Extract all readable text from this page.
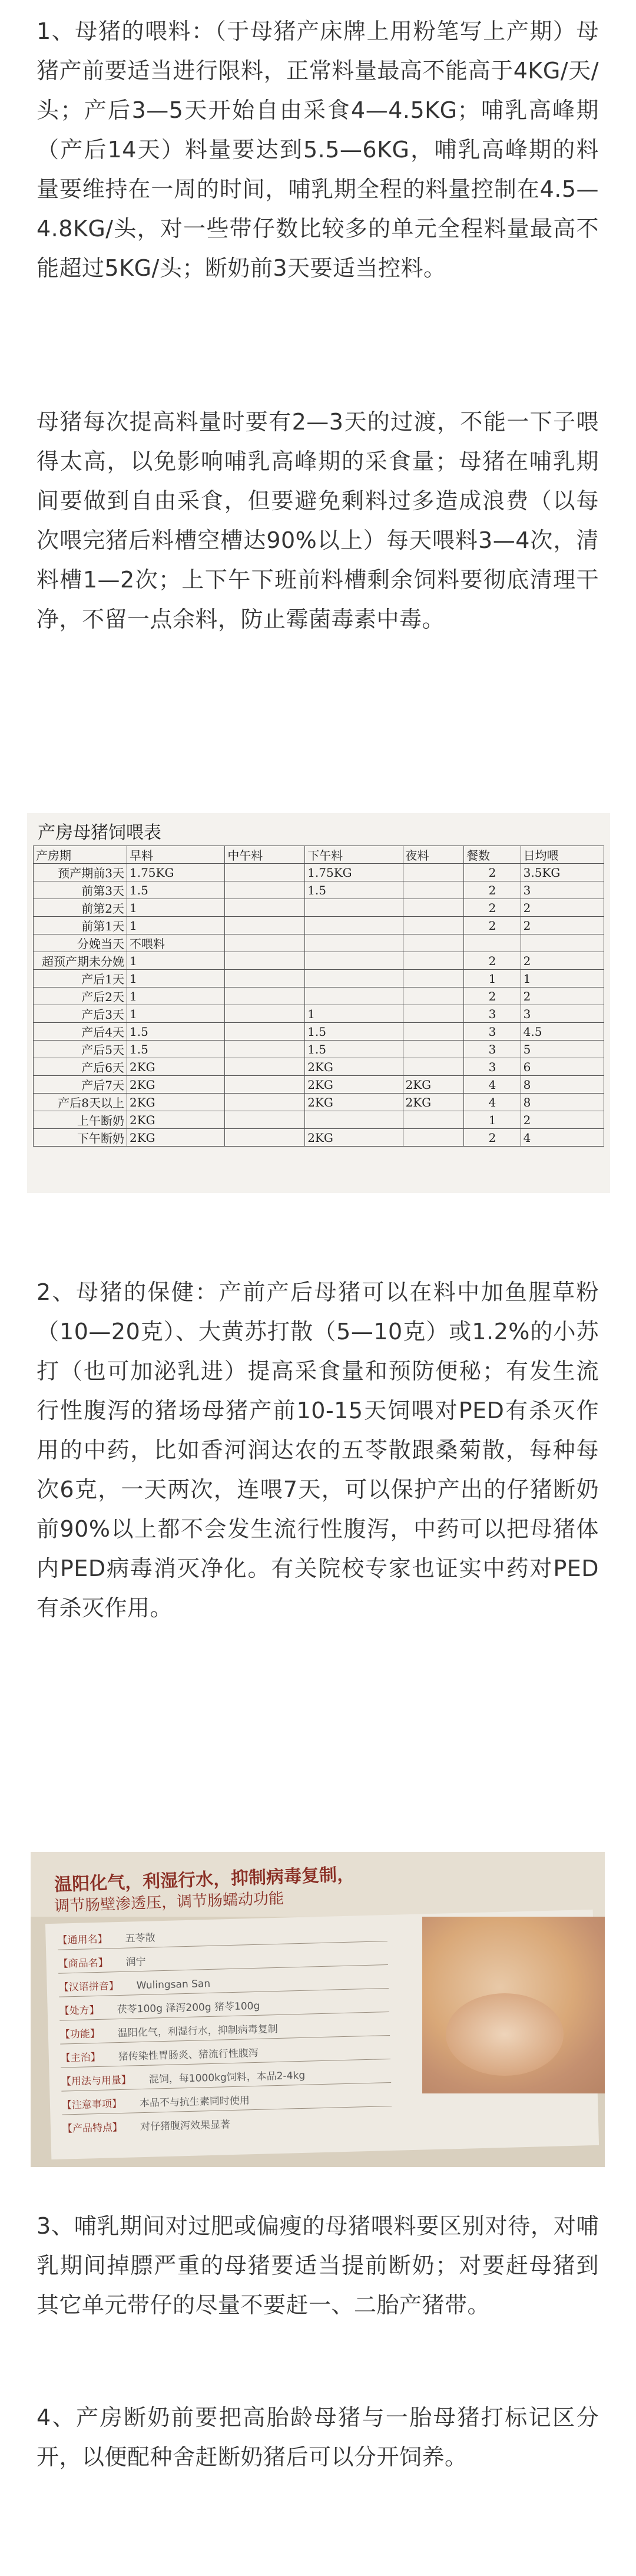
1、母猪的喂料：（于母猪产床牌上用粉笔写上产期）母猪产前要适当进行限料，正常料量最高不能高于4KG/天/头；产后3—5天开始自由采食4—4.5KG；哺乳高峰期（产后14天）料量要达到5.5—6KG，哺乳高峰期的料量要维持在一周的时间，哺乳期全程的料量控制在4.5—4.8KG/头，对一些带仔数比较多的单元全程料量最高不能超过5KG/头；断奶前3天要适当控料。

母猪每次提高料量时要有2—3天的过渡，不能一下子喂得太高，以免影响哺乳高峰期的采食量；母猪在哺乳期间要做到自由采食，但要避免剩料过多造成浪费（以每次喂完猪后料槽空槽达90%以上）每天喂料3—4次，清料槽1—2次；上下午下班前料槽剩余饲料要彻底清理干净，不留一点余料，防止霉菌毒素中毒。

产房母猪饲喂表
产房期	早料	中午料	下午料	夜料	餐数	日均喂
预产期前3天	1.75KG		1.75KG		2	3.5KG
前第3天	1.5		1.5		2	3
前第2天	1				2	2
前第1天	1				2	2
分娩当天	不喂料					
超预产期未分娩	1				2	2
产后1天	1				1	1
产后2天	1				2	2
产后3天	1		1		3	3
产后4天	1.5		1.5		3	4.5
产后5天	1.5		1.5		3	5
产后6天	2KG		2KG		3	6
产后7天	2KG		2KG	2KG	4	8
产后8天以上	2KG		2KG	2KG	4	8
上午断奶	2KG				1	2
下午断奶	2KG		2KG		2	4

2、母猪的保健：产前产后母猪可以在料中加鱼腥草粉（10—20克）、大黄苏打散（5—10克）或1.2%的小苏打（也可加泌乳进）提高采食量和预防便秘；有发生流行性腹泻的猪场母猪产前10-15天饲喂对PED有杀灭作用的中药，比如香河润达农的五苓散跟桑菊散，每种每次6克，一天两次，连喂7天，可以保护产出的仔猪断奶前90%以上都不会发生流行性腹泻，中药可以把母猪体内PED病毒消灭净化。有关院校专家也证实中药对PED有杀灭作用。

温阳化气，利湿行水，抑制病毒复制，
调节肠壁渗透压，调节肠蠕动功能
【通用名】 五苓散
【商品名】 润宁
【汉语拼音】 Wulingsan San
【处方】 茯苓100g 泽泻200g 猪苓100g
【功能】 温阳化气，利湿行水，抑制病毒复制
【主治】 猪传染性胃肠炎、猪流行性腹泻
【用法与用量】 混饲，每1000kg饲料，本品2-4kg
【注意事项】 本品不与抗生素同时使用
【产品特点】 对仔猪腹泻效果显著

3、哺乳期间对过肥或偏瘦的母猪喂料要区别对待，对哺乳期间掉膘严重的母猪要适当提前断奶；对要赶母猪到其它单元带仔的尽量不要赶一、二胎产猪带。

4、产房断奶前要把高胎龄母猪与一胎母猪打标记区分开，以便配种舍赶断奶猪后可以分开饲养。
